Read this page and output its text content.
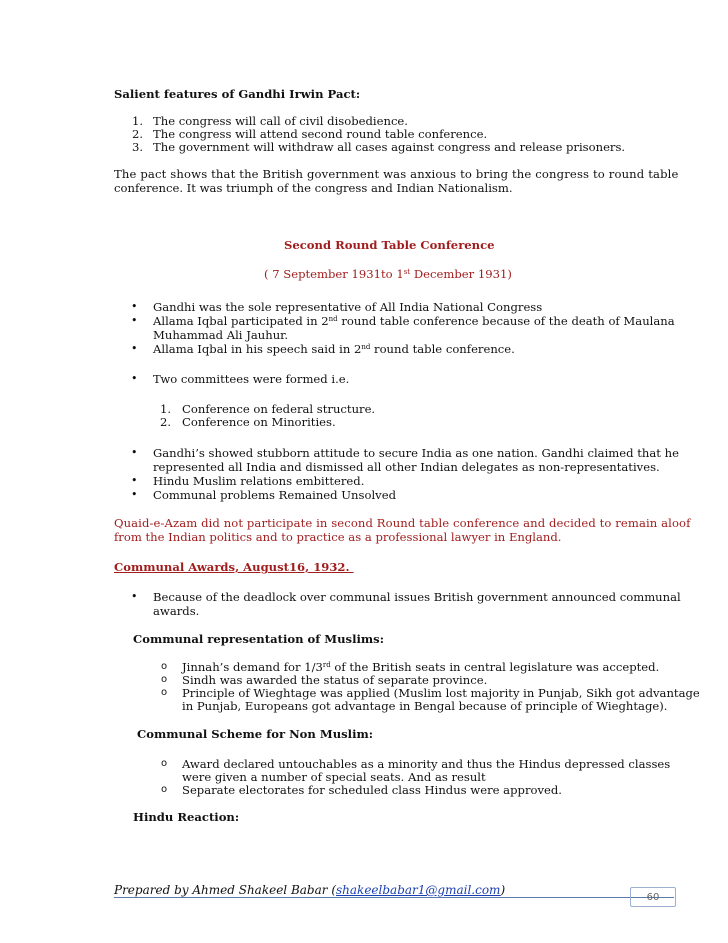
Salient features of Gandhi Irwin Pact:
1. The congress will call of civil disobedience.
2. The congress will attend second round table conference.
3. The government will withdraw all cases against congress and release prisoners.
The pact shows that the British government was anxious to bring the congress to round table
conference. It was triumph of the congress and Indian Nationalism.
Second Round Table Conference
( 7 September 1931to 1st December 1931)
• Gandhi was the sole representative of All India National Congress
• Allama Iqbal participated in 2nd round table conference because of the death of Maulana
Muhammad Ali Jauhur.
• Allama Iqbal in his speech said in 2nd round table conference.
• Two committees were formed i.e.
1. Conference on federal structure.
2. Conference on Minorities.
• Gandhi’s showed stubborn attitude to secure India as one nation. Gandhi claimed that he
represented all India and dismissed all other Indian delegates as non-representatives.
• Hindu Muslim relations embittered.
• Communal problems Remained Unsolved
Quaid-e-Azam did not participate in second Round table conference and decided to remain aloof
from the Indian politics and to practice as a professional lawyer in England.
Communal Awards, August16, 1932.
• Because of the deadlock over communal issues British government announced communal
awards.
Communal representation of Muslims:
o Jinnah’s demand for 1/3rd of the British seats in central legislature was accepted.
o Sindh was awarded the status of separate province.
o Principle of Wieghtage was applied (Muslim lost majority in Punjab, Sikh got advantage
in Punjab, Europeans got advantage in Bengal because of principle of Wieghtage).
Communal Scheme for Non Muslim:
o Award declared untouchables as a minority and thus the Hindus depressed classes
were given a number of special seats. And as result
o Separate electorates for scheduled class Hindus were approved.
Hindu Reaction:
Prepared by Ahmed Shakeel Babar (shakeelbabar1@gmail.com)
60
